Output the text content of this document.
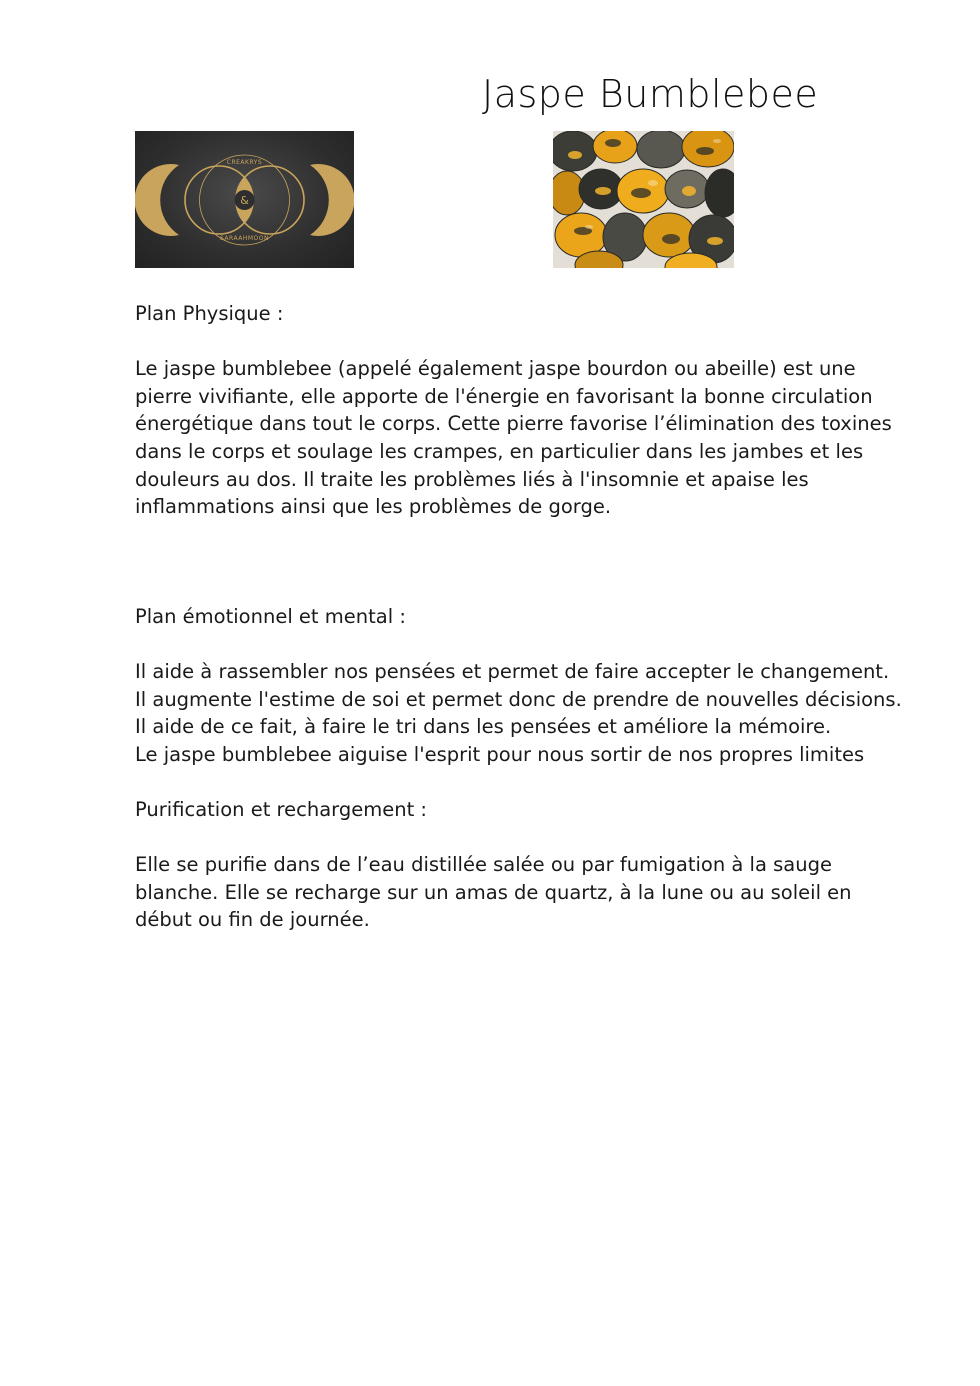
Jaspe Bumblebee
&
CREAKRYS
SARAAHMOON

Plan Physique :

Le jaspe bumblebee (appelé également jaspe bourdon ou abeille) est une pierre vivifiante, elle apporte de l'énergie en favorisant la bonne circulation énergétique dans tout le corps. Cette pierre favorise l’élimination des toxines dans le corps et soulage les crampes, en particulier dans les jambes et les douleurs au dos. Il traite les problèmes liés à l'insomnie et apaise les inflammations ainsi que les problèmes de gorge.

Plan émotionnel et mental :

Il aide à rassembler nos pensées et permet de faire accepter le changement. Il augmente l'estime de soi et permet donc de prendre de nouvelles décisions.

Il aide de ce fait, à faire le tri dans les pensées et améliore la mémoire.

Le jaspe bumblebee aiguise l'esprit pour nous sortir de nos propres limites

Purification et rechargement :

Elle se purifie dans de l’eau distillée salée ou par fumigation à la sauge blanche. Elle se recharge sur un amas de quartz, à la lune ou au soleil en début ou fin de journée.
